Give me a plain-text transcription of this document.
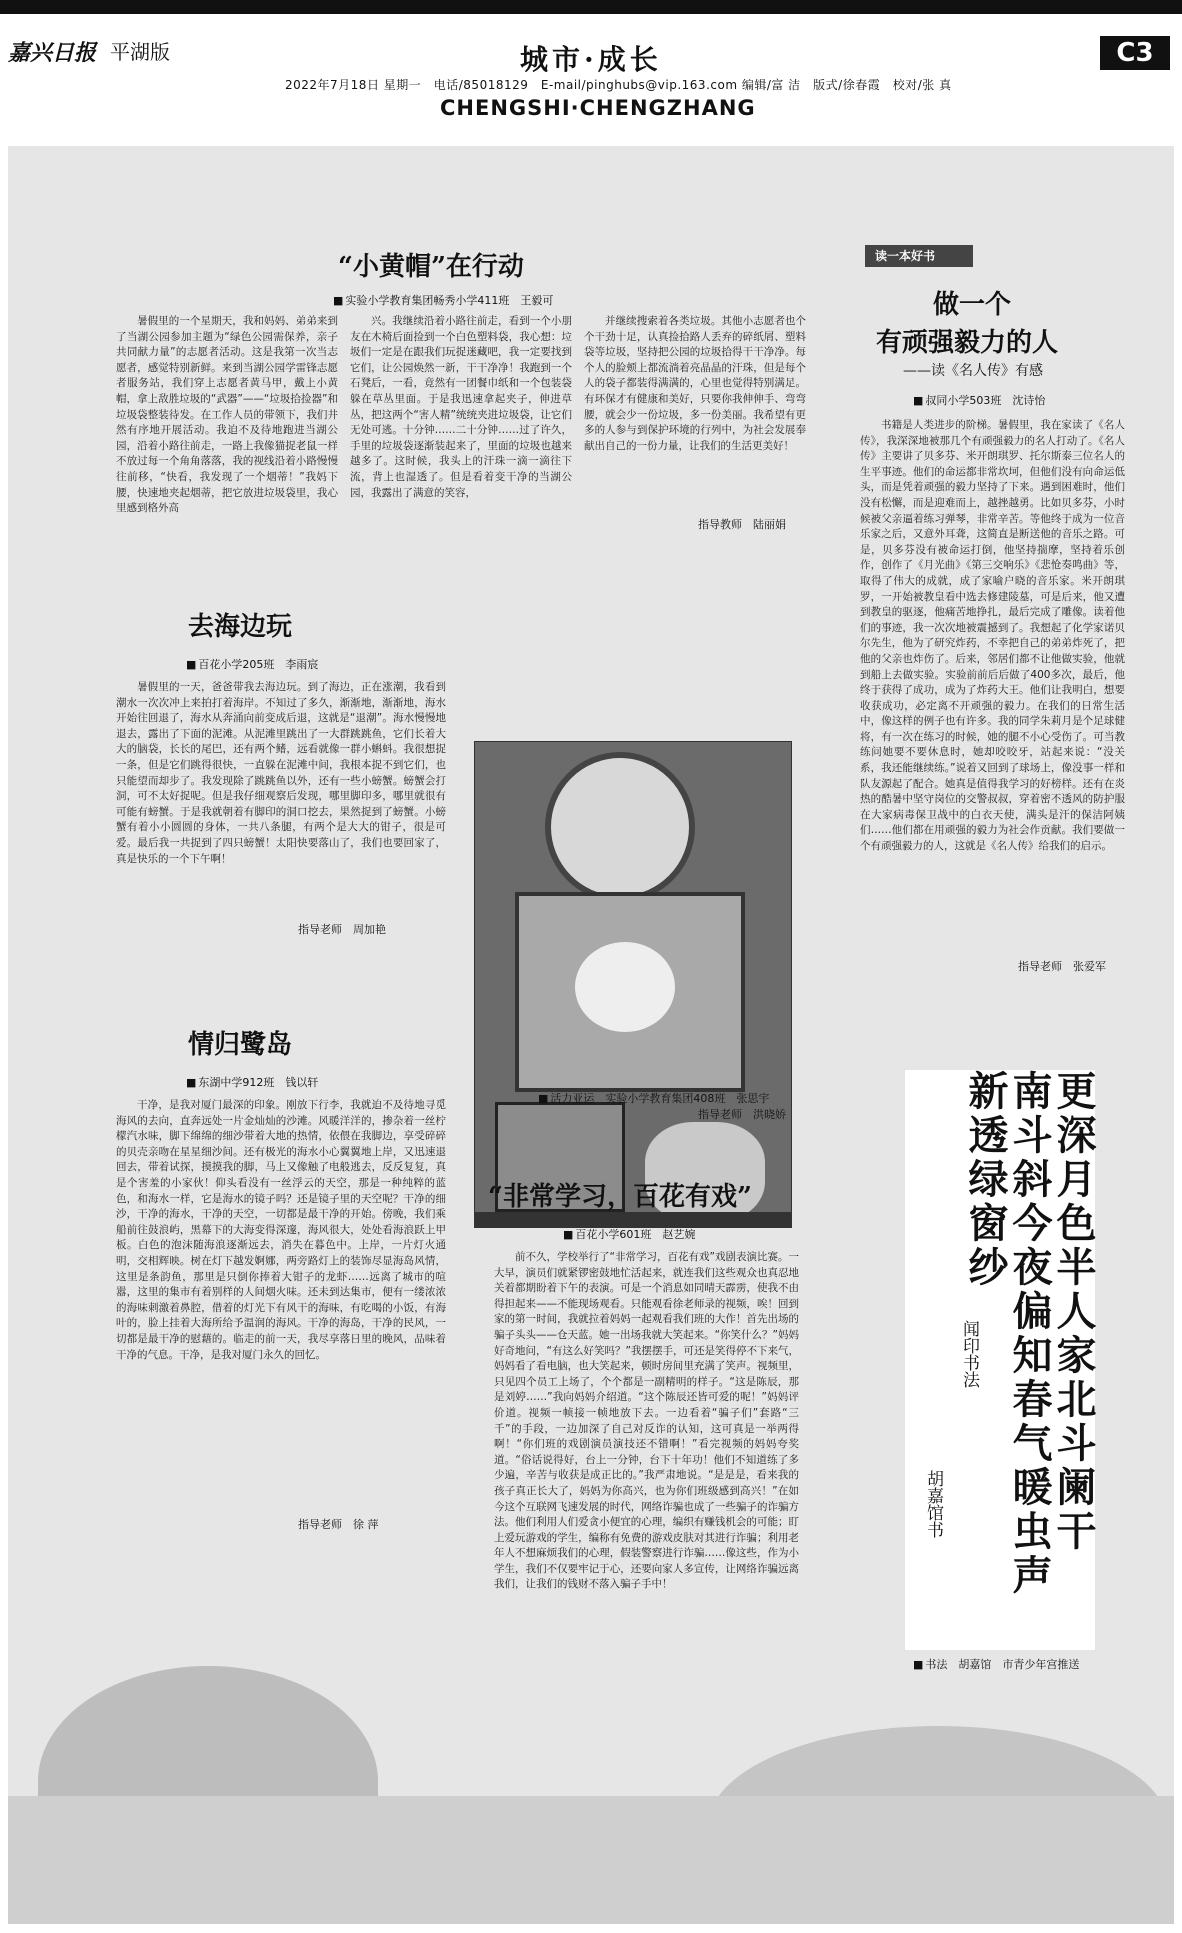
嘉兴日报 平湖版	城市·成长
2022年7月18日 星期一　电话/85018129　E-mail/pinghubs@vip.163.com 编辑/富 洁　版式/徐春霞　校对/张 真
CHENGSHI·CHENGZHANG
C3
“小黄帽”在行动
■ 实验小学教育集团畅秀小学411班　王毅可

暑假里的一个星期天，我和妈妈、弟弟来到了当湖公园参加主题为“绿色公园需保养，亲子共同献力量”的志愿者活动。这是我第一次当志愿者，感觉特别新鲜。来到当湖公园学雷锋志愿者服务站，我们穿上志愿者黄马甲，戴上小黄帽，拿上敌胜垃圾的“武器”——“垃圾拾捡器”和垃圾袋整装待发。在工作人员的带领下，我们井然有序地开展活动。我迫不及待地跑进当湖公园，沿着小路往前走，一路上我像猫捉老鼠一样不放过每一个角角落落，我的视线沿着小路慢慢往前移，“快看，我发现了一个烟蒂！”我妈下腰，快速地夹起烟蒂，把它放进垃圾袋里，我心里感到格外高

兴。我继续沿着小路往前走，看到一个小朋友在木椅后面捡到一个白色塑料袋，我心想：垃圾们一定是在跟我们玩捉迷藏吧，我一定要找到它们，让公园焕然一新，干干净净！我跑到一个石凳后，一看，竟然有一团餐巾纸和一个包装袋躲在草丛里面。于是我迅速拿起夹子，伸进草丛，把这两个“害人精”统统夹进垃圾袋，让它们无处可逃。十分钟……二十分钟……过了许久，手里的垃圾袋逐渐装起来了，里面的垃圾也越来越多了。这时候，我头上的汗珠一滴一滴往下流，背上也湿透了。但是看着变干净的当湖公园，我露出了满意的笑容，

并继续搜索着各类垃圾。其他小志愿者也个个干劲十足，认真捡拾路人丢弃的碎纸屑、塑料袋等垃圾，坚持把公园的垃圾拾得干干净净。每个人的脸颊上都流淌着亮晶晶的汗珠，但是每个人的袋子都装得满满的，心里也觉得特别满足。有环保才有健康和美好，只要你我伸伸手、弯弯腰，就会少一份垃圾，多一份美丽。我希望有更多的人参与到保护环境的行列中，为社会发展奉献出自己的一份力量，让我们的生活更美好！

指导教师　陆丽娟
去海边玩
■ 百花小学205班　李雨宸

暑假里的一天，爸爸带我去海边玩。到了海边，正在涨潮，我看到潮水一次次冲上来拍打着海岸。不知过了多久，渐渐地，渐渐地，海水开始往回退了，海水从奔涌向前变成后退，这就是“退潮”。海水慢慢地退去，露出了下面的泥滩。从泥滩里跳出了一大群跳跳鱼，它们长着大大的脑袋，长长的尾巴，还有两个鳍，远看就像一群小蝌蚪。我很想捉一条，但是它们跳得很快，一直躲在泥滩中间，我根本捉不到它们，也只能望而却步了。我发现除了跳跳鱼以外，还有一些小螃蟹。螃蟹会打洞，可不太好捉呢。但是我仔细观察后发现，哪里脚印多，哪里就很有可能有螃蟹。于是我就朝着有脚印的洞口挖去，果然捉到了螃蟹。小螃蟹有着小小圆圆的身体，一共八条腿，有两个是大大的钳子，很是可爱。最后我一共捉到了四只螃蟹！太阳快要落山了，我们也要回家了，真是快乐的一个下午啊！

指导老师　周加艳
情归鹭岛
■ 东湖中学912班　钱以轩

干净，是我对厦门最深的印象。刚放下行李，我就迫不及待地寻觅海风的去向，直奔远处一片金灿灿的沙滩。风暖洋洋的，掺杂着一丝柠檬汽水味，脚下绵绵的细沙带着大地的热情，依偎在我脚边，享受碎碎的贝壳亲吻在星星细沙间。还有极光的海水小心翼翼地上岸，又迅速退回去，带着试探，摸摸我的脚，马上又像触了电般逃去，反反复复，真是个害羞的小家伙！仰头看没有一丝浮云的天空，那是一种纯粹的蓝色，和海水一样，它是海水的镜子吗？还是镜子里的天空呢？干净的细沙，干净的海水，干净的天空，一切都是最干净的开始。傍晚，我们乘船前往鼓浪屿，黑幕下的大海变得深邃，海风很大，处处看海浪跃上甲板。白色的泡沫随海浪逐渐远去，消失在暮色中。上岸，一片灯火通明，交相辉映。树在灯下越发婀娜，两旁路灯上的装饰尽显海岛风情，这里是条韵鱼，那里是只倒你捧着大钳子的龙虾……远离了城市的喧嚣，这里的集市有着别样的人间烟火味。还未到达集市，便有一缕浓浓的海味刺激着鼻腔，借着的灯光下有风干的海味，有吃喝的小饭，有海叶的，脸上挂着大海所给予温润的海风。干净的海岛，干净的民风，一切都是最干净的慰藉的。临走的前一天，我尽享落日里的晚风，品味着干净的气息。干净，是我对厦门永久的回忆。

指导老师　徐 萍
■ 活力亚运　实验小学教育集团408班　张思宇
指导老师　洪晓娇
“非常学习，百花有戏”
■ 百花小学601班　赵艺婉

前不久，学校举行了“非常学习，百花有戏”戏剧表演比赛。一大早，演员们就紧锣密鼓地忙活起来，就连我们这些观众也真忍地关着都期盼着下午的表演。可是一个消息如同晴天霹雳，使我不由得担起来——不能现场观看。只能观看徐老师录的视频，唉！回到家的第一时间，我就拉着妈妈一起观看我们班的大作！首先出场的骗子头头——仓天蓝。她一出场我就大笑起来。“你笑什么？”妈妈好奇地问，“有这么好笑吗？”我摆摆手，可还是笑得停不下来气，妈妈看了看电脑，也大笑起来，顿时房间里充满了笑声。视频里，只见四个员工上场了，个个都是一副精明的样子。“这是陈辰，那是刘婷……”我向妈妈介绍道。“这个陈辰还皆可爱的呢！”妈妈评价道。视频一帧接一帧地放下去。一边看着“骗子们”套路“三千”的手段，一边加深了自己对反诈的认知，这可真是一举两得啊！“你们班的戏剧演员演技还不错啊！”看完视频的妈妈夸奖道。“俗话说得好，台上一分钟，台下十年功！他们不知道练了多少遍，辛苦与收获是成正比的。”我严肃地说。“是是是，看来我的孩子真正长大了，妈妈为你高兴，也为你们班级感到高兴！”在如今这个互联网飞速发展的时代，网络诈骗也成了一些骗子的诈骗方法。他们利用人们爱贪小便宜的心理，编织有赚钱机会的可能；盯上爱玩游戏的学生，编称有免费的游戏皮肤对其进行诈骗；利用老年人不想麻烦我们的心理，假装警察进行诈骗……像这些，作为小学生，我们不仅要牢记于心，还要向家人多宣传，让网络诈骗远离我们，让我们的钱财不落入骗子手中！

读一本好书
做一个
有顽强毅力的人
——读《名人传》有感
■ 叔同小学503班　沈诗怡

书籍是人类进步的阶梯。暑假里，我在家读了《名人传》，我深深地被那几个有顽强毅力的名人打动了。《名人传》主要讲了贝多芬、米开朗琪罗、托尔斯泰三位名人的生平事迹。他们的命运都非常坎坷，但他们没有向命运低头，而是凭着顽强的毅力坚持了下来。遇到困难时，他们没有松懈，而是迎难而上，越挫越勇。比如贝多芬，小时候被父亲逼着练习弹琴，非常辛苦。等他终于成为一位音乐家之后，又意外耳聋，这简直是断送他的音乐之路。可是，贝多芬没有被命运打倒，他坚持揣摩，坚持着乐创作，创作了《月光曲》《第三交响乐》《悲怆奏鸣曲》等，取得了伟大的成就，成了家喻户晓的音乐家。米开朗琪罗，一开始被教皇看中选去修建陵墓，可是后来，他又遭到教皇的驱逐，他痛苦地挣扎，最后完成了雕像。读着他们的事迹，我一次次地被震撼到了。我想起了化学家诺贝尔先生，他为了研究炸药，不幸把自己的弟弟炸死了，把他的父亲也炸伤了。后来，邻居们都不让他做实验，他就到船上去做实验。实验前前后后做了400多次，最后，他终于获得了成功，成为了炸药大王。他们让我明白，想要收获成功，必定离不开顽强的毅力。在我们的日常生活中，像这样的例子也有许多。我的同学朱莉月是个足球健将，有一次在练习的时候，她的腿不小心受伤了。可当教练问她要不要休息时，她却咬咬牙，站起来说：“没关系，我还能继续练。”说着又回到了球场上，像没事一样和队友源起了配合。她真是值得我学习的好榜样。还有在炎热的酷暑中坚守岗位的交警叔叔，穿着密不透风的防护服在大家病毒保卫战中的白衣天使，满头是汗的保洁阿姨们……他们都在用顽强的毅力为社会作贡献。我们要做一个有顽强毅力的人，这就是《名人传》给我们的启示。

指导老师　张爱军
更深月色半人家北斗阑干
南斗斜今夜偏知春气暖虫声
新透绿窗纱
闻印书法
胡嘉馆书
■ 书法　胡嘉馆　市青少年宫推送
